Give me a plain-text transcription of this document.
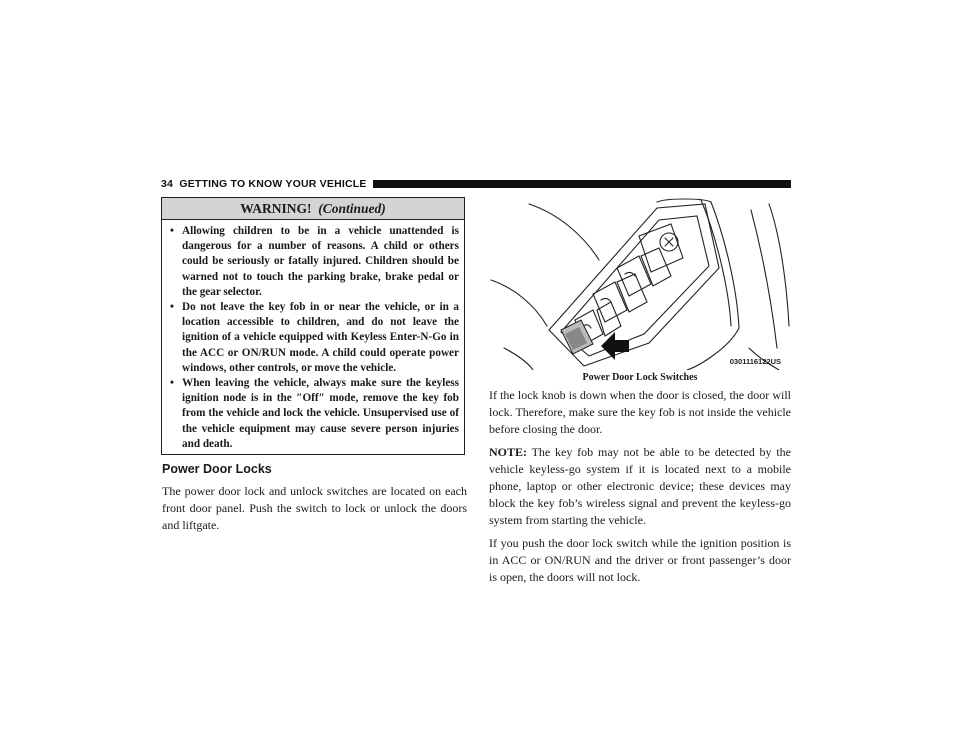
34 GETTING TO KNOW YOUR VEHICLE
WARNING! (Continued)
• Allowing children to be in a vehicle unattended is dangerous for a number of reasons. A child or others could be seriously or fatally injured. Children should be warned not to touch the parking brake, brake pedal or the gear selector.
• Do not leave the key fob in or near the vehicle, or in a location accessible to children, and do not leave the ignition of a vehicle equipped with Keyless Enter-N-Go in the ACC or ON/RUN mode. A child could operate power windows, other controls, or move the vehicle.
• When leaving the vehicle, always make sure the keyless ignition node is in the ″Off″ mode, remove the key fob from the vehicle and lock the vehicle. Unsupervised use of the vehicle equipment may cause severe person injuries and death.
Power Door Locks

The power door lock and unlock switches are located on each front door panel. Push the switch to lock or unlock the doors and liftgate.

0301116122US
Power Door Lock Switches

If the lock knob is down when the door is closed, the door will lock. Therefore, make sure the key fob is not inside the vehicle before closing the door.

NOTE: The key fob may not be able to be detected by the vehicle keyless-go system if it is located next to a mobile phone, laptop or other electronic device; these devices may block the key fob’s wireless signal and prevent the keyless-go system from starting the vehicle.

If you push the door lock switch while the ignition position is in ACC or ON/RUN and the driver or front passenger’s door is open, the doors will not lock.
